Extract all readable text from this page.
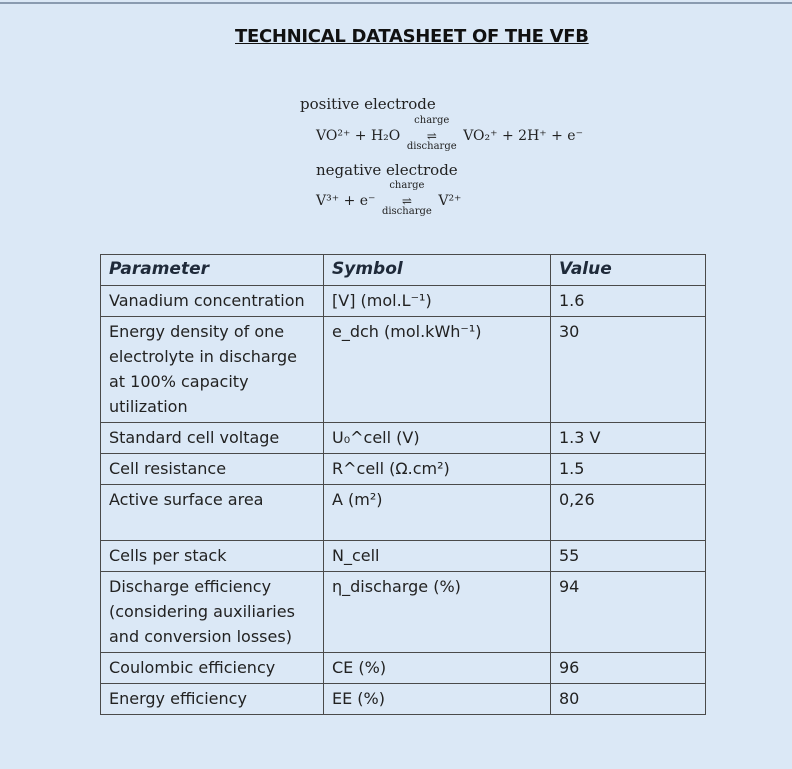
TECHNICAL DATASHEET OF THE VFB
positive electrode
VO²⁺ + H₂O
charge
⇌
discharge
VO₂⁺ + 2H⁺ + e⁻
negative electrode
V³⁺ + e⁻
charge
⇌
discharge
V²⁺
Parameter	Symbol	Value
Vanadium concentration	[V] (mol.L⁻¹)	1.6
Energy density of one electrolyte in discharge at 100% capacity utilization	e_dch (mol.kWh⁻¹)	30
Standard cell voltage	U₀^cell (V)	1.3 V
Cell resistance	R^cell (Ω.cm²)	1.5
Active surface area	A (m²)	0,26
Cells per stack	N_cell	55
Discharge efficiency (considering auxiliaries and conversion losses)	η_discharge (%)	94
Coulombic efficiency	CE (%)	96
Energy efficiency	EE (%)	80
